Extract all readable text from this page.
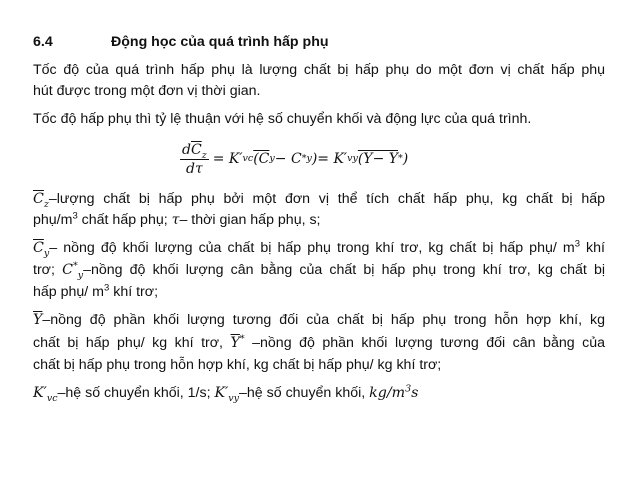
6.4	Động học của quá trình hấp phụ
Tốc độ của quá trình hấp phụ là lượng chất bị hấp phụ do một đơn vị chất hấp phụ
hút được trong một đơn vị thời gian.
Tốc độ hấp phụ thì tỷ lệ thuận với hệ số chuyển khối và động lực của quá trình.
$\frac{d\overline{C}_z}{d\tau} = K'$ vc (C y − C * y ) = K′ vy (Y − Y * )
$\overline{C}_z$–lượng chất bị hấp phụ bởi một đơn vị thể tích chất hấp phụ, kg chất bị hấp
phụ/$m^3$ chất hấp phụ; τ– thời gian hấp phụ, s;
$\overline{C}_y-$ nồng độ khối lượng của chất bị hấp phụ trong khí trơ, kg chất bị hấp phụ/ $m^3$ khí
trơ; $C^*_y$–nồng độ khối lượng cân bằng của chất bị hấp phụ trong khí trơ, kg chất bị
hấp phụ/ $m^3$ khí trơ;
$\overline{Y}$–nồng độ phần khối lượng tương đối của chất bị hấp phụ trong hỗn hợp khí, kg
chất bị hấp phụ/ kg khí trơ, $\overline{Y}^*$ –nồng độ phần khối lượng tương đối cân bằng của
chất bị hấp phụ trong hỗn hợp khí, kg chất bị hấp phụ/ kg khí trơ;
$K'_{vc}-hệ$ số chuyển khối, 1/s; $K'_{vy}-hệ$ số chuyển khối, $kg/m^3s$
